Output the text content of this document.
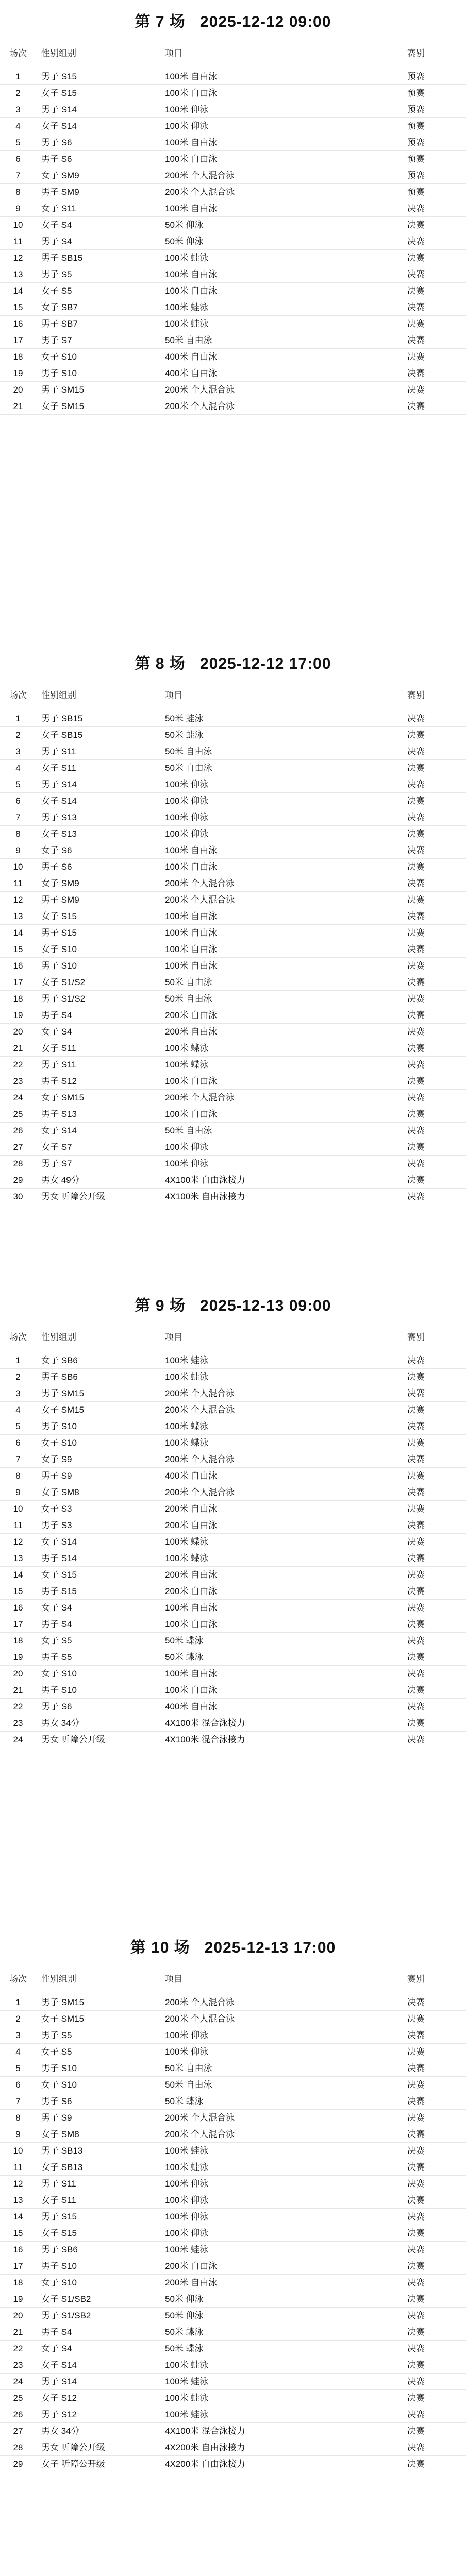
第 7 场 2025-12-12 09:00
场次	性别组别	项目	赛别
1	男子 S15	100米 自由泳	预赛
2	女子 S15	100米 自由泳	预赛
3	男子 S14	100米 仰泳	预赛
4	女子 S14	100米 仰泳	预赛
5	男子 S6	100米 自由泳	预赛
6	男子 S6	100米 自由泳	预赛
7	女子 SM9	200米 个人混合泳	预赛
8	男子 SM9	200米 个人混合泳	预赛
9	女子 S11	100米 自由泳	决赛
10	女子 S4	50米 仰泳	决赛
11	男子 S4	50米 仰泳	决赛
12	男子 SB15	100米 蛙泳	决赛
13	男子 S5	100米 自由泳	决赛
14	女子 S5	100米 自由泳	决赛
15	女子 SB7	100米 蛙泳	决赛
16	男子 SB7	100米 蛙泳	决赛
17	男子 S7	50米 自由泳	决赛
18	女子 S10	400米 自由泳	决赛
19	男子 S10	400米 自由泳	决赛
20	男子 SM15	200米 个人混合泳	决赛
21	女子 SM15	200米 个人混合泳	决赛
第 8 场 2025-12-12 17:00
场次	性别组别	项目	赛别
1	男子 SB15	50米 蛙泳	决赛
2	女子 SB15	50米 蛙泳	决赛
3	男子 S11	50米 自由泳	决赛
4	女子 S11	50米 自由泳	决赛
5	男子 S14	100米 仰泳	决赛
6	女子 S14	100米 仰泳	决赛
7	男子 S13	100米 仰泳	决赛
8	女子 S13	100米 仰泳	决赛
9	女子 S6	100米 自由泳	决赛
10	男子 S6	100米 自由泳	决赛
11	女子 SM9	200米 个人混合泳	决赛
12	男子 SM9	200米 个人混合泳	决赛
13	女子 S15	100米 自由泳	决赛
14	男子 S15	100米 自由泳	决赛
15	女子 S10	100米 自由泳	决赛
16	男子 S10	100米 自由泳	决赛
17	女子 S1/S2	50米 自由泳	决赛
18	男子 S1/S2	50米 自由泳	决赛
19	男子 S4	200米 自由泳	决赛
20	女子 S4	200米 自由泳	决赛
21	女子 S11	100米 蝶泳	决赛
22	男子 S11	100米 蝶泳	决赛
23	男子 S12	100米 自由泳	决赛
24	女子 SM15	200米 个人混合泳	决赛
25	男子 S13	100米 自由泳	决赛
26	女子 S14	50米 自由泳	决赛
27	女子 S7	100米 仰泳	决赛
28	男子 S7	100米 仰泳	决赛
29	男女 49分	4X100米 自由泳接力	决赛
30	男女 听障公开级	4X100米 自由泳接力	决赛
第 9 场 2025-12-13 09:00
场次	性别组别	项目	赛别
1	女子 SB6	100米 蛙泳	决赛
2	男子 SB6	100米 蛙泳	决赛
3	男子 SM15	200米 个人混合泳	决赛
4	女子 SM15	200米 个人混合泳	决赛
5	男子 S10	100米 蝶泳	决赛
6	女子 S10	100米 蝶泳	决赛
7	女子 S9	200米 个人混合泳	决赛
8	男子 S9	400米 自由泳	决赛
9	女子 SM8	200米 个人混合泳	决赛
10	女子 S3	200米 自由泳	决赛
11	男子 S3	200米 自由泳	决赛
12	女子 S14	100米 蝶泳	决赛
13	男子 S14	100米 蝶泳	决赛
14	女子 S15	200米 自由泳	决赛
15	男子 S15	200米 自由泳	决赛
16	女子 S4	100米 自由泳	决赛
17	男子 S4	100米 自由泳	决赛
18	女子 S5	50米 蝶泳	决赛
19	男子 S5	50米 蝶泳	决赛
20	女子 S10	100米 自由泳	决赛
21	男子 S10	100米 自由泳	决赛
22	男子 S6	400米 自由泳	决赛
23	男女 34分	4X100米 混合泳接力	决赛
24	男女 听障公开级	4X100米 混合泳接力	决赛
第 10 场 2025-12-13 17:00
场次	性别组别	项目	赛别
1	男子 SM15	200米 个人混合泳	决赛
2	女子 SM15	200米 个人混合泳	决赛
3	男子 S5	100米 仰泳	决赛
4	女子 S5	100米 仰泳	决赛
5	男子 S10	50米 自由泳	决赛
6	女子 S10	50米 自由泳	决赛
7	男子 S6	50米 蝶泳	决赛
8	男子 S9	200米 个人混合泳	决赛
9	女子 SM8	200米 个人混合泳	决赛
10	男子 SB13	100米 蛙泳	决赛
11	女子 SB13	100米 蛙泳	决赛
12	男子 S11	100米 仰泳	决赛
13	女子 S11	100米 仰泳	决赛
14	男子 S15	100米 仰泳	决赛
15	女子 S15	100米 仰泳	决赛
16	男子 SB6	100米 蛙泳	决赛
17	男子 S10	200米 自由泳	决赛
18	女子 S10	200米 自由泳	决赛
19	女子 S1/SB2	50米 仰泳	决赛
20	男子 S1/SB2	50米 仰泳	决赛
21	男子 S4	50米 蝶泳	决赛
22	女子 S4	50米 蝶泳	决赛
23	女子 S14	100米 蛙泳	决赛
24	男子 S14	100米 蛙泳	决赛
25	女子 S12	100米 蛙泳	决赛
26	男子 S12	100米 蛙泳	决赛
27	男女 34分	4X100米 混合泳接力	决赛
28	男女 听障公开级	4X200米 自由泳接力	决赛
29	女子 听障公开级	4X200米 自由泳接力	决赛
